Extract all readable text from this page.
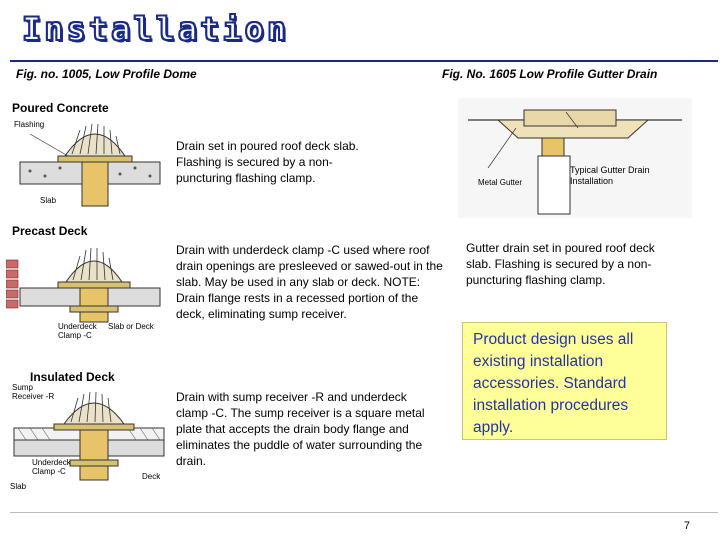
Installation
Fig. no. 1005, Low Profile Dome	Fig. No. 1605 Low Profile Gutter Drain
Poured Concrete
Flashing
Slab
Drain set in poured roof deck slab. Flashing is secured by a non-puncturing flashing clamp.
Precast Deck
Underdeck Clamp -C
Slab or Deck
Drain with underdeck clamp -C used where roof drain openings are presleeved or sawed-out in the slab. May be used in any slab or deck. NOTE: Drain flange rests in a recessed portion of the deck, eliminating sump receiver.
Insulated Deck
Sump Receiver -R
Underdeck Clamp -C
Slab
Deck
Drain with sump receiver -R and underdeck clamp -C. The sump receiver is a square metal plate that accepts the drain body flange and eliminates the puddle of water surrounding the drain.
Metal Gutter
Typical Gutter Drain Installation
Gutter drain set in poured roof deck slab. Flashing is secured by a non-puncturing flashing clamp.
Product design uses all existing installation accessories. Standard installation procedures apply.
7
